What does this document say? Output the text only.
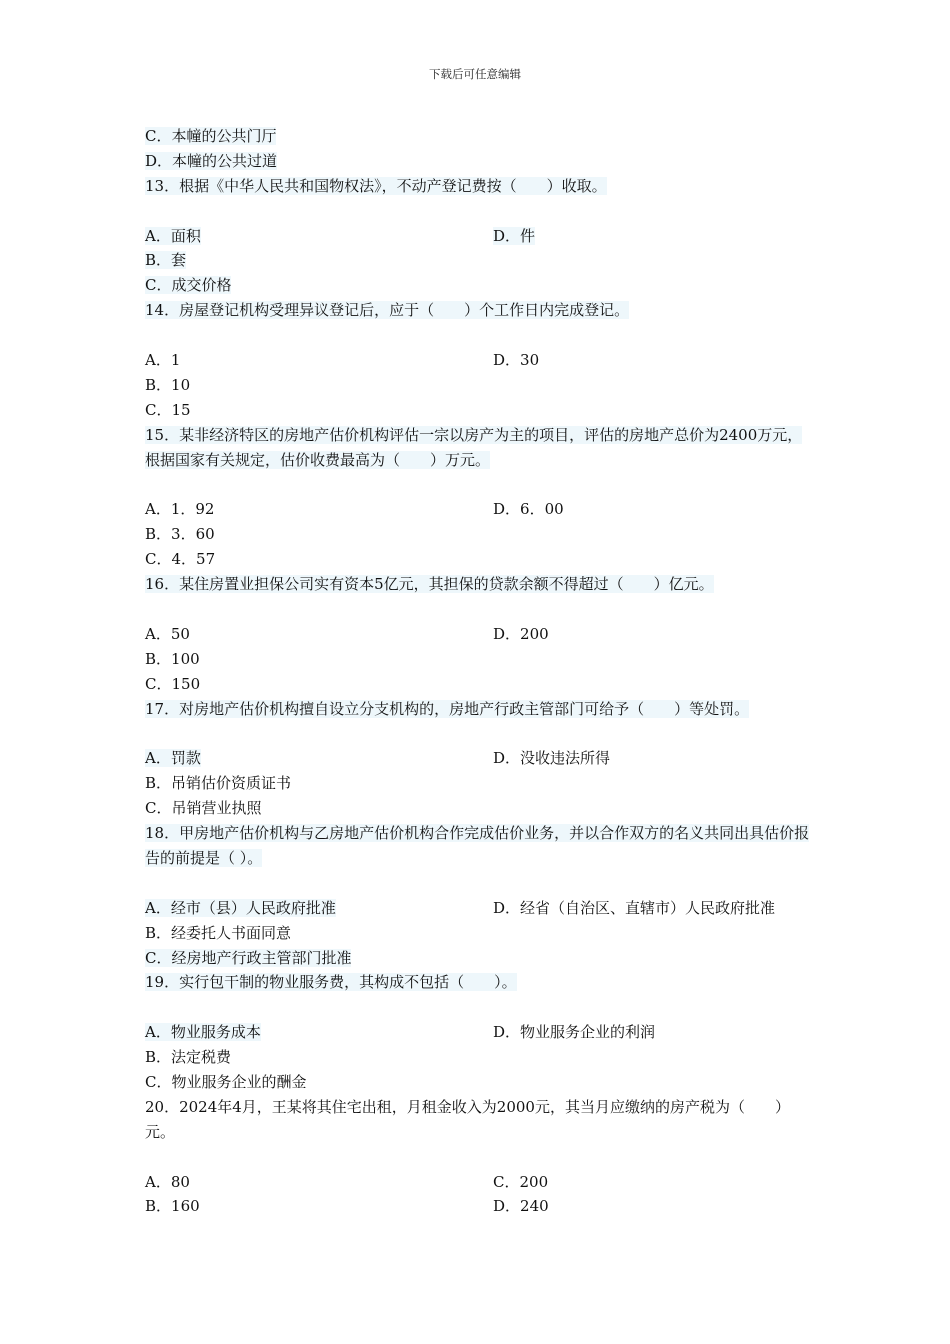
下载后可任意编辑
C．本幢的公共门厅
D．本幢的公共过道
13．根据《中华人民共和国物权法》，不动产登记费按（　　）收取。
A．面积	D．件
B．套
C．成交价格
14．房屋登记机构受理异议登记后，应于（　　）个工作日内完成登记。
A．1	D．30
B．10
C．15
15．某非经济特区的房地产估价机构评估一宗以房产为主的项目，评估的房地产总价为2400万元，根据国家有关规定，估价收费最高为（　　）万元。
A．1．92	D．6．00
B．3．60
C．4．57
16．某住房置业担保公司实有资本5亿元，其担保的贷款余额不得超过（　　）亿元。
A．50	D．200
B．100
C．150
17．对房地产估价机构擅自设立分支机构的，房地产行政主管部门可给予（　　）等处罚。
A．罚款	D．没收违法所得
B．吊销估价资质证书
C．吊销营业执照
18．甲房地产估价机构与乙房地产估价机构合作完成估价业务，并以合作双方的名义共同出具估价报告的前提是（ ）。
A．经市（县）人民政府批准	D．经省（自治区、直辖市）人民政府批准
B．经委托人书面同意
C．经房地产行政主管部门批准
19．实行包干制的物业服务费，其构成不包括（　　）。
A．物业服务成本	D．物业服务企业的利润
B．法定税费
C．物业服务企业的酬金
20．2024年4月，王某将其住宅出租，月租金收入为2000元，其当月应缴纳的房产税为（　　）元。
A．80	C．200
B．160	D．240
